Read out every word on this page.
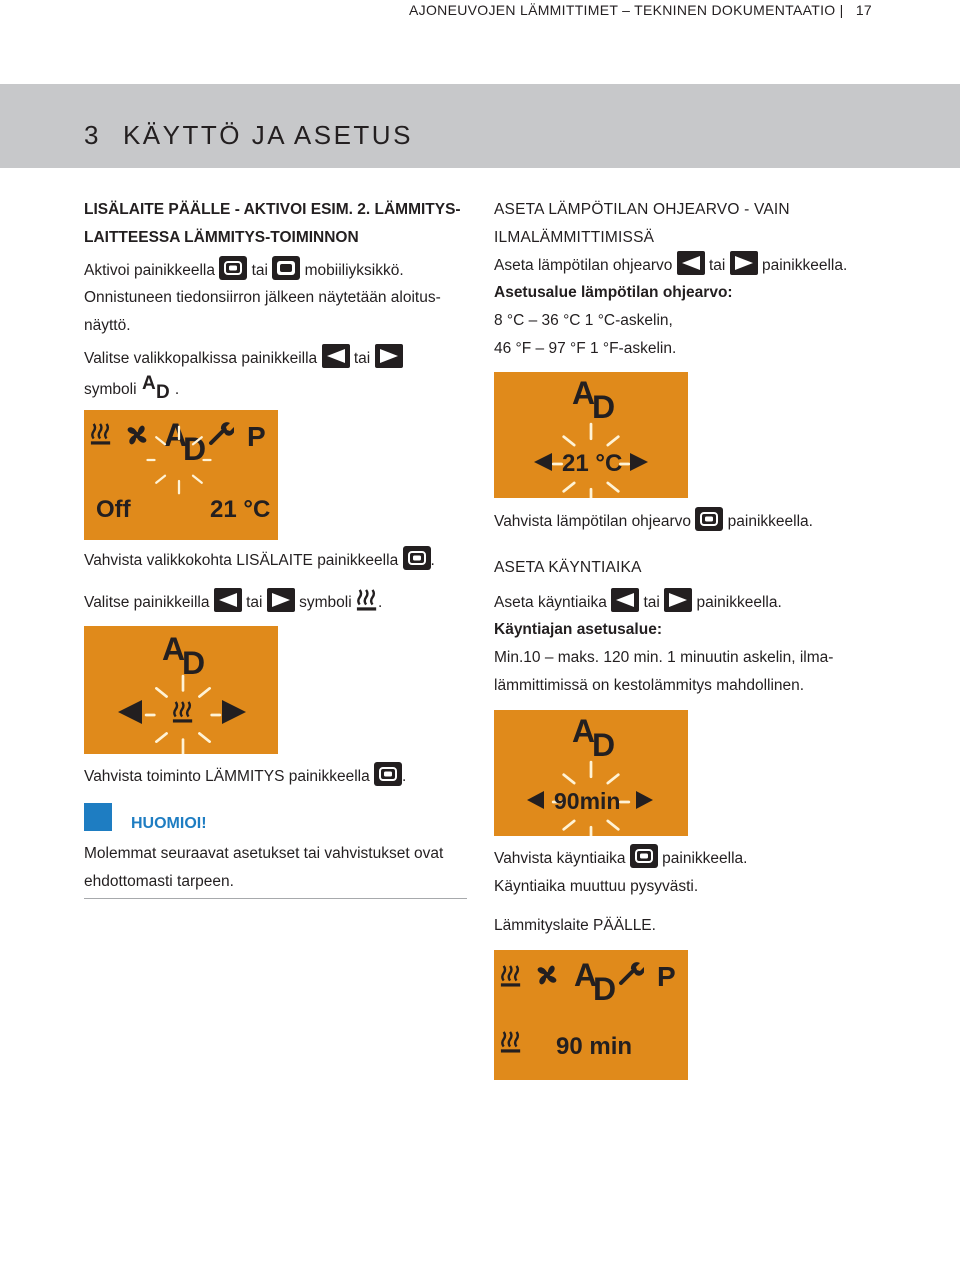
AJONEUVOJEN LÄMMITTIMET – TEKNINEN DOKUMENTAATIO | 17
3 KÄYTTÖ JA ASETUS
LISÄLAITE PÄÄLLE - AKTIVOI ESIM. 2. LÄMMITYS-
LAITTEESSA LÄMMITYS-TOIMINNON
Aktivoi painikkeella tai mobiiliyksikkö.
Onnistuneen tiedonsiirron jälkeen näytetään aloitus-
näyttö.
Valitse valikkopalkissa painikkeilla tai
symboli A D .
A
D P
Off	21 °C
Vahvista valikkokohta LISÄLAITE painikkeella .
Valitse painikkeilla tai symboli .
A
D
Vahvista toiminto LÄMMITYS painikkeella .
HUOMIOI!
Molemmat seuraavat asetukset tai vahvistukset ovat
ehdottomasti tarpeen.
ASETA LÄMPÖTILAN OHJEARVO - VAIN
ILMALÄMMITTIMISSÄ
Aseta lämpötilan ohjearvo tai painikkeella.
Asetusalue lämpötilan ohjearvo:
8 °C – 36 °C 1 °C-askelin,
46 °F – 97 °F 1 °F-askelin.
A
D
21 °C
Vahvista lämpötilan ohjearvo painikkeella.
ASETA KÄYNTIAIKA
Aseta käyntiaika tai painikkeella.
Käyntiajan asetusalue:
Min.10 – maks. 120 min. 1 minuutin askelin, ilma-
lämmittimissä on kestolämmitys mahdollinen.
A
D
90min
Vahvista käyntiaika painikkeella.
Käyntiaika muuttuu pysyvästi.
Lämmityslaite PÄÄLLE.
A
D P
90 min
